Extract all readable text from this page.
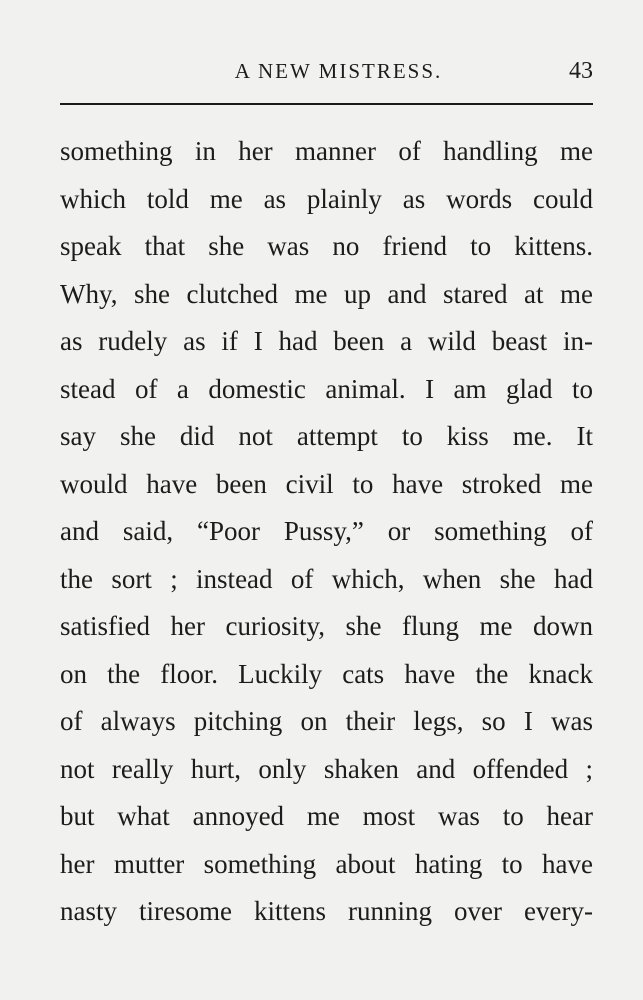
A NEW MISTRESS.	43
something in her manner of handling me
which told me as plainly as words could
speak that she was no friend to kittens.
Why, she clutched me up and stared at me
as rudely as if I had been a wild beast in-
stead of a domestic animal. I am glad to
say she did not attempt to kiss me. It
would have been civil to have stroked me
and said, “Poor Pussy,” or something of
the sort ; instead of which, when she had
satisfied her curiosity, she flung me down
on the floor. Luckily cats have the knack
of always pitching on their legs, so I was
not really hurt, only shaken and offended ;
but what annoyed me most was to hear
her mutter something about hating to have
nasty tiresome kittens running over every-
